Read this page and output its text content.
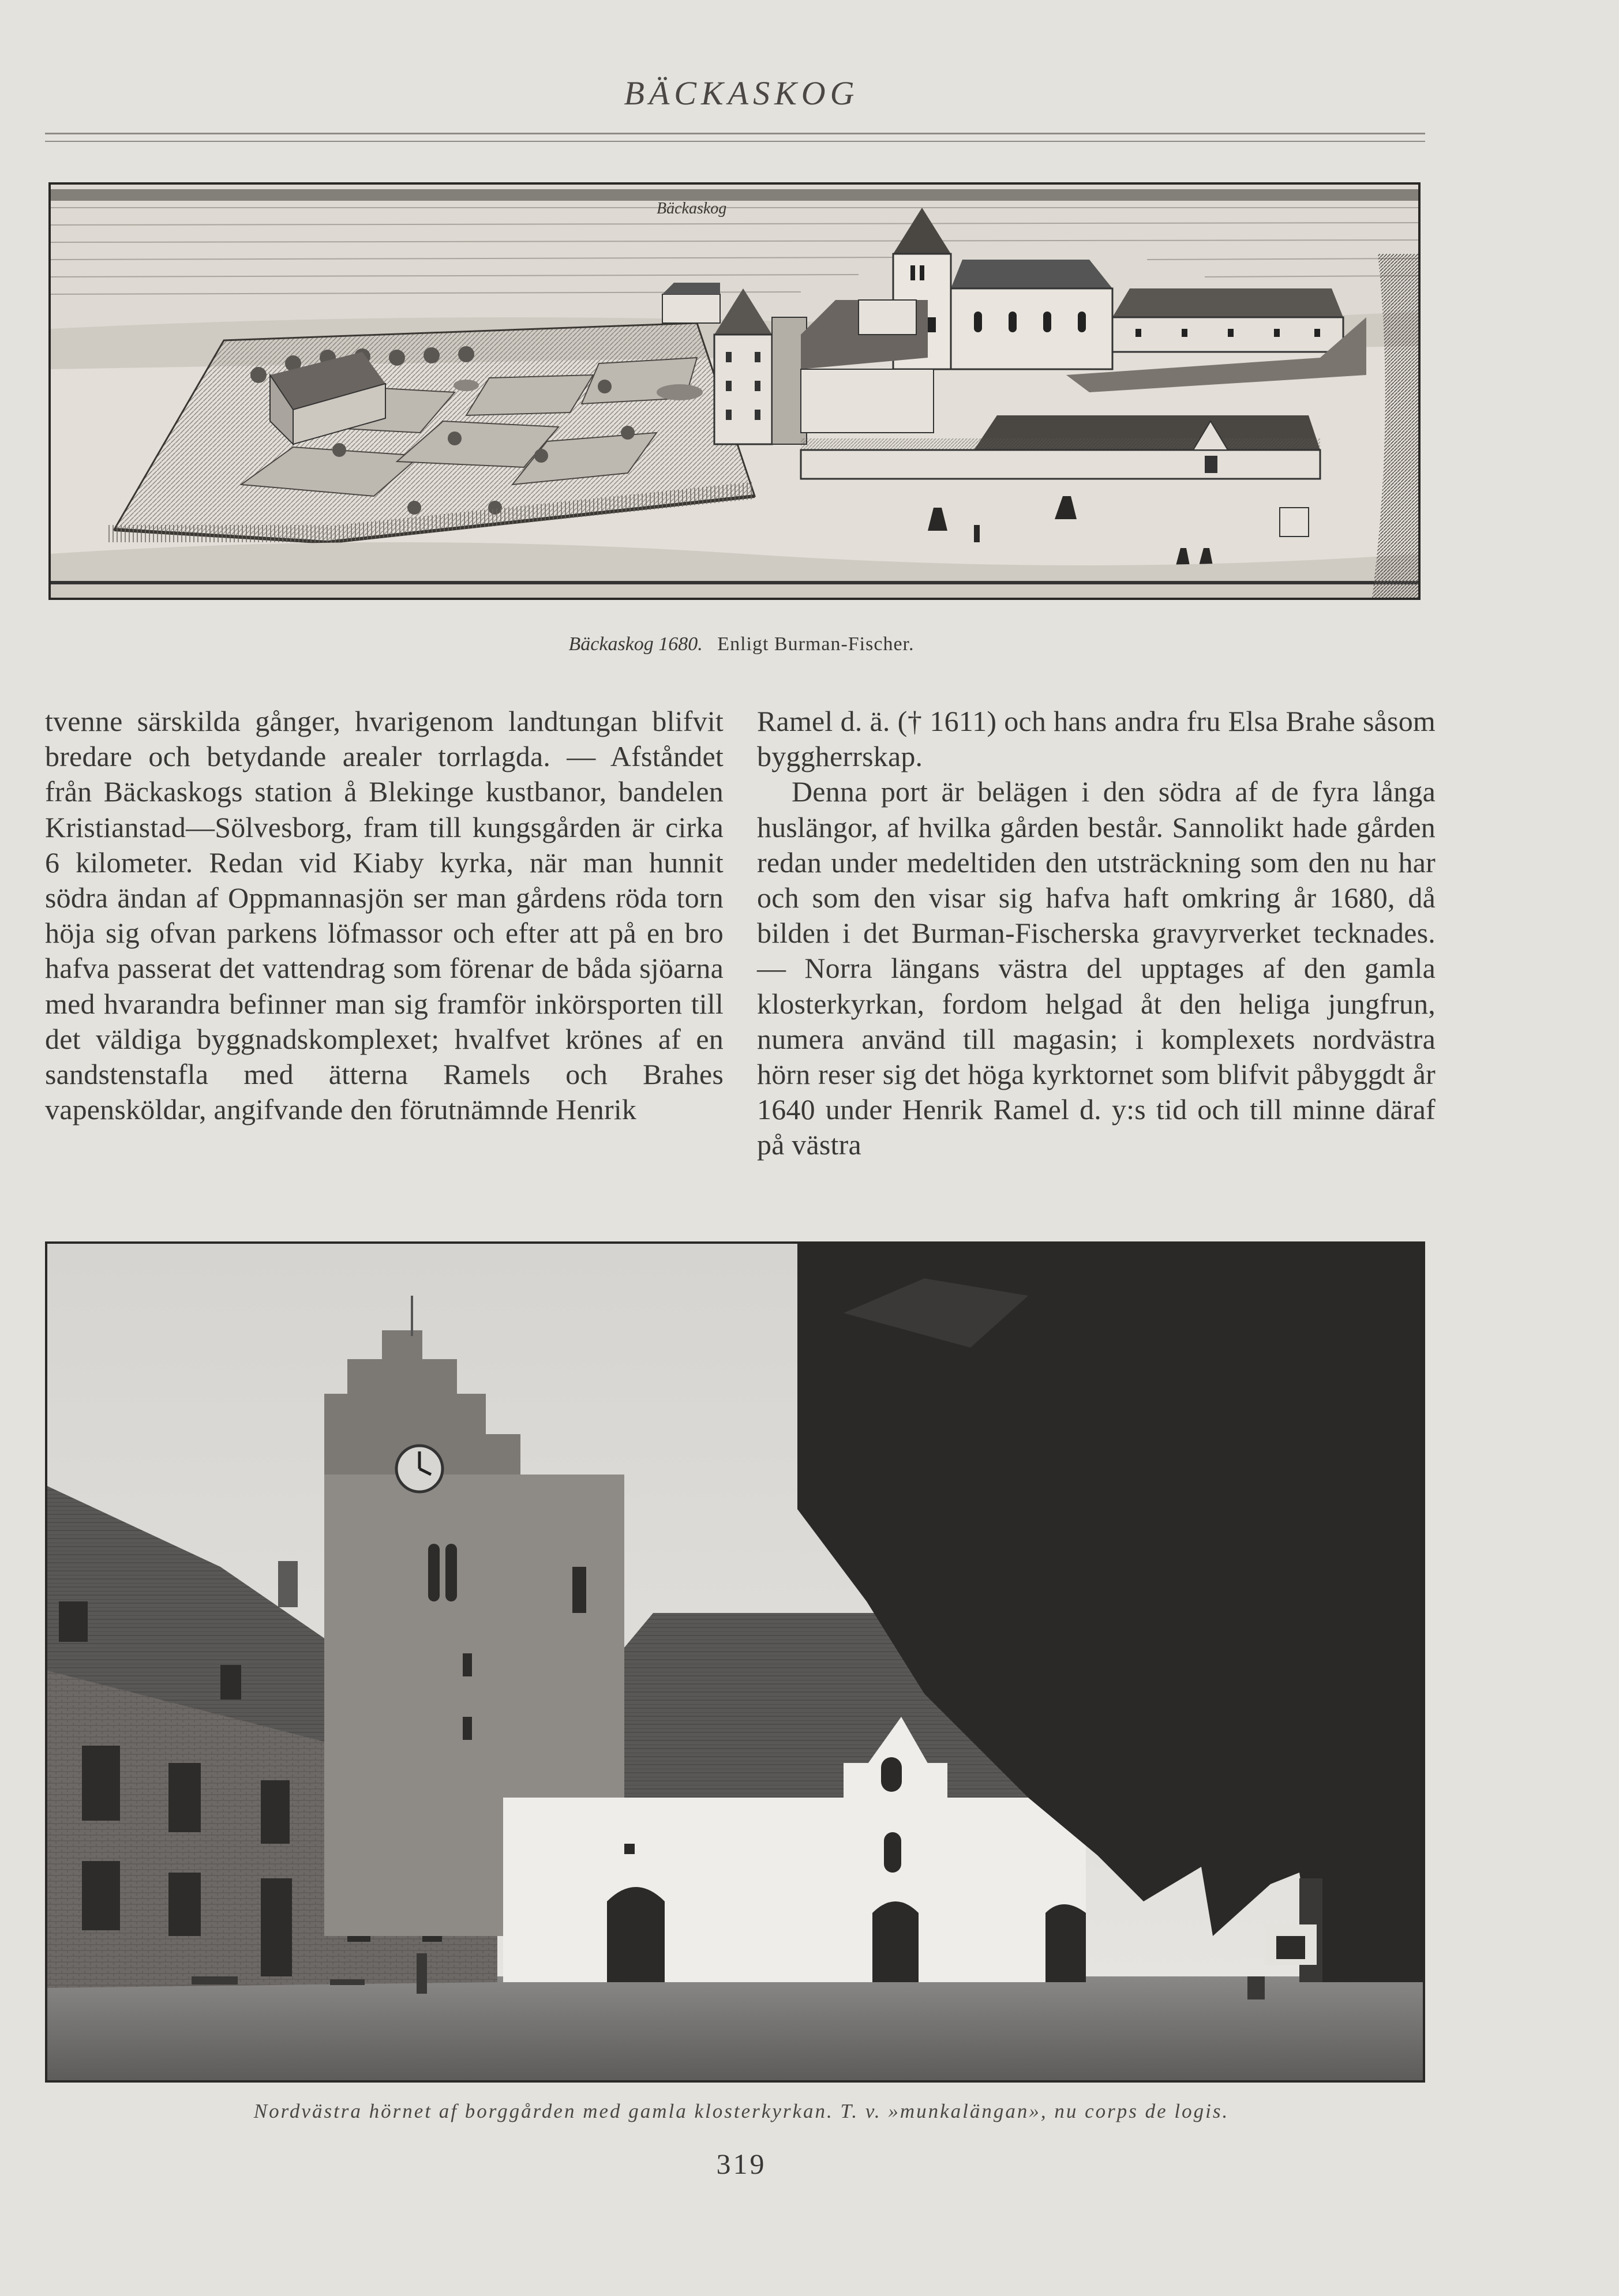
BÄCKASKOG
Bäckaskog
Bäckaskog 1680. Enligt Burman-Fischer.

tvenne särskilda gånger, hvarigenom landtungan blifvit bredare och betydande arealer torrlagda. — Afståndet från Bäckaskogs station å Blekinge kustbanor, bandelen Kristianstad—Sölvesborg, fram till kungsgården är cirka 6 kilometer. Redan vid Kiaby kyrka, när man hunnit södra ändan af Oppmannasjön ser man gårdens röda torn höja sig ofvan parkens löfmassor och efter att på en bro hafva passerat det vattendrag som förenar de båda sjöarna med hvarandra befinner man sig framför inkörsporten till det väldiga byggnadskomplexet; hvalfvet krönes af en sandstenstafla med ätterna Ramels och Brahes vapensköldar, angifvande den förutnämnde Henrik

Ramel d. ä. († 1611) och hans andra fru Elsa Brahe såsom byggherrskap.

Denna port är belägen i den södra af de fyra långa huslängor, af hvilka gården består. Sannolikt hade gården redan under medeltiden den utsträckning som den nu har och som den visar sig hafva haft omkring år 1680, då bilden i det Burman-Fischerska gravyrverket tecknades. — Norra längans västra del upptages af den gamla klosterkyrkan, fordom helgad åt den heliga jungfrun, numera använd till magasin; i komplexets nordvästra hörn reser sig det höga kyrktornet som blifvit påbyggdt år 1640 under Henrik Ramel d. y:s tid och till minne däraf på västra

Nordvästra hörnet af borggården med gamla klosterkyrkan. T. v. »munkalängan», nu corps de logis.
319
